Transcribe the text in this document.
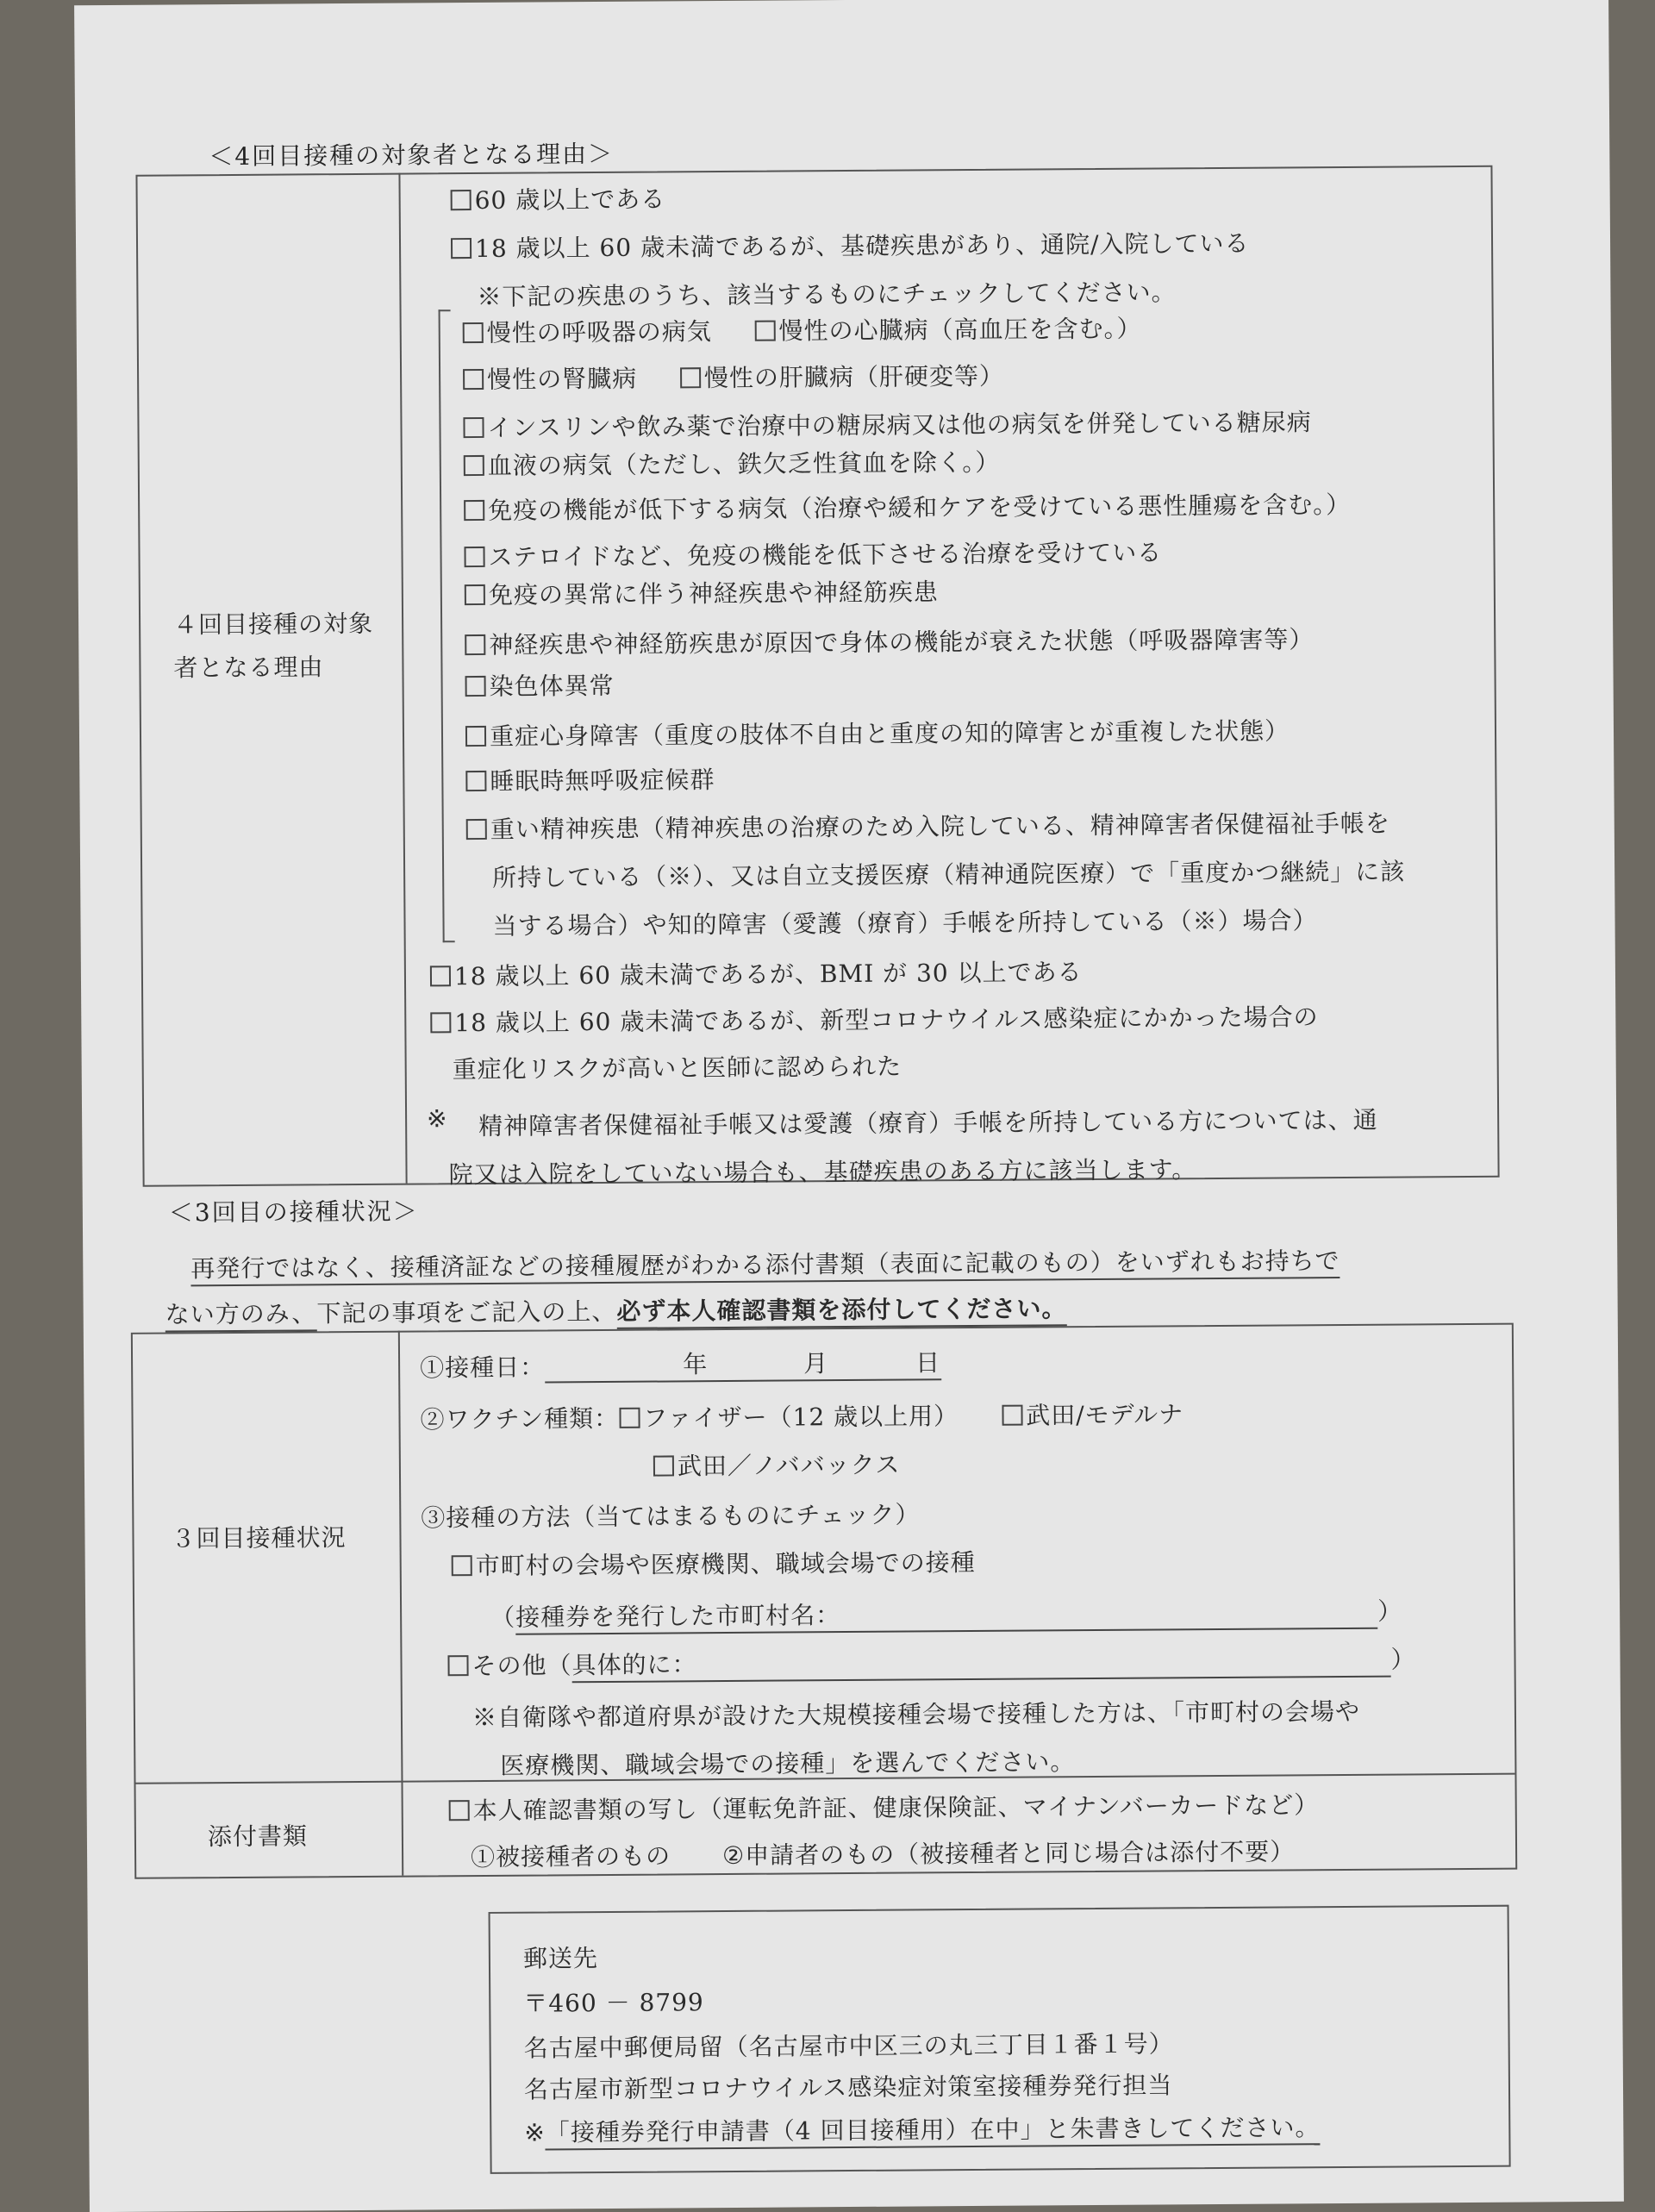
＜4回目接種の対象者となる理由＞
４回目接種の対象
者となる理由
60 歳以上である
18 歳以上 60 歳未満であるが、基礎疾患があり、通院/入院している
※下記の疾患のうち、該当するものにチェックしてください。
慢性の呼吸器の病気	慢性の心臓病（高血圧を含む。）
慢性の腎臓病	慢性の肝臓病（肝硬変等）
インスリンや飲み薬で治療中の糖尿病又は他の病気を併発している糖尿病
血液の病気（ただし、鉄欠乏性貧血を除く。）
免疫の機能が低下する病気（治療や緩和ケアを受けている悪性腫瘍を含む。）
ステロイドなど、免疫の機能を低下させる治療を受けている
免疫の異常に伴う神経疾患や神経筋疾患
神経疾患や神経筋疾患が原因で身体の機能が衰えた状態（呼吸器障害等）
染色体異常
重症心身障害（重度の肢体不自由と重度の知的障害とが重複した状態）
睡眠時無呼吸症候群
重い精神疾患（精神疾患の治療のため入院している、精神障害者保健福祉手帳を
所持している（※）、又は自立支援医療（精神通院医療）で「重度かつ継続」に該
当する場合）や知的障害（愛護（療育）手帳を所持している（※）場合）
18 歳以上 60 歳未満であるが、BMI が 30 以上である
18 歳以上 60 歳未満であるが、新型コロナウイルス感染症にかかった場合の
重症化リスクが高いと医師に認められた
※ 精神障害者保健福祉手帳又は愛護（療育）手帳を所持している方については、通
院又は入院をしていない場合も、基礎疾患のある方に該当します。
＜3回目の接種状況＞
再発行ではなく、接種済証などの接種履歴がわかる添付書類（表面に記載のもの）をいずれもお持ちで
ない方のみ、下記の事項をご記入の上、必ず本人確認書類を添付してください。
３回目接種状況
①接種日：	年	月	日
②ワクチン種類： ファイザー（12 歳以上用）	武田/モデルナ
武田／ノババックス
③接種の方法（当てはまるものにチェック）
市町村の会場や医療機関、職域会場での接種
（接種券を発行した市町村名：	）
その他（具体的に：	）
※自衛隊や都道府県が設けた大規模接種会場で接種した方は、「市町村の会場や
医療機関、職域会場での接種」を選んでください。
添付書類
本人確認書類の写し（運転免許証、健康保険証、マイナンバーカードなど）
①被接種者のもの ②申請者のもの（被接種者と同じ場合は添付不要）
郵送先
〒460 － 8799
名古屋中郵便局留（名古屋市中区三の丸三丁目１番１号）
名古屋市新型コロナウイルス感染症対策室接種券発行担当
※「接種券発行申請書（4 回目接種用）在中」と朱書きしてください。
